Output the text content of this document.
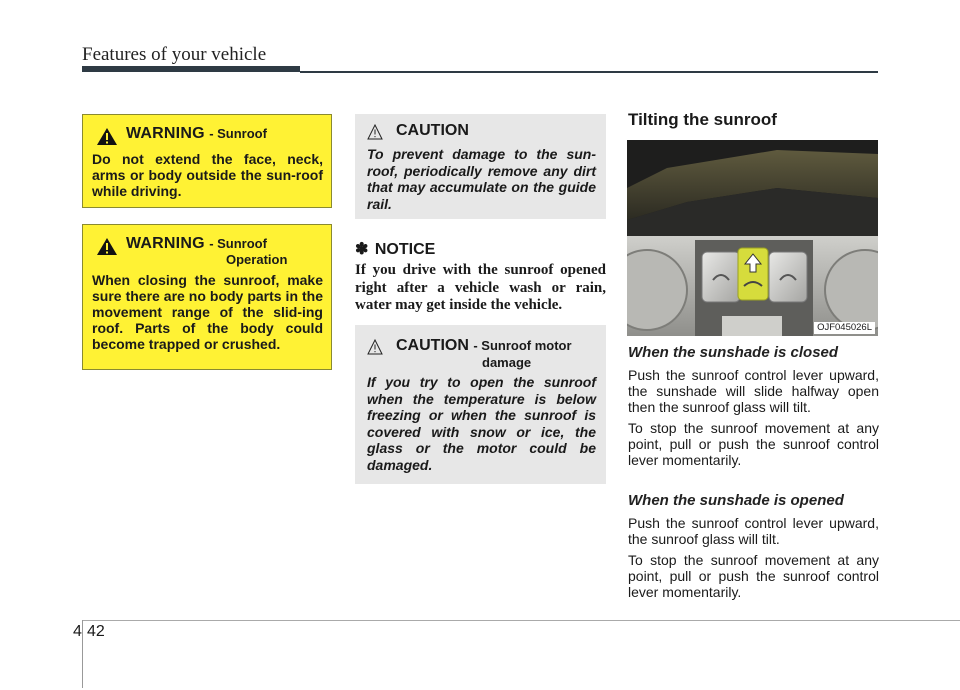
Features of your vehicle
WARNING - Sunroof
Do not extend the face, neck, arms or body outside the sun-roof while driving.
WARNING - Sunroof
Operation
When closing the sunroof, make sure there are no body parts in the movement range of the slid-ing roof. Parts of the body could become trapped or crushed.
CAUTION
To prevent damage to the sun-roof, periodically remove any dirt that may accumulate on the guide rail.
✽ NOTICE
If you drive with the sunroof opened right after a vehicle wash or rain, water may get inside the vehicle.
CAUTION - Sunroof motor
damage
If you try to open the sunroof when the temperature is below freezing or when the sunroof is covered with snow or ice, the glass or the motor could be damaged.
Tilting the sunroof
OJF045026L
When the sunshade is closed
Push the sunroof control lever upward, the sunshade will slide halfway open then the sunroof glass will tilt.
To stop the sunroof movement at any point, pull or push the sunroof control lever momentarily.
When the sunshade is opened
Push the sunroof control lever upward, the sunroof glass will tilt.
To stop the sunroof movement at any point, pull or push the sunroof control lever momentarily.
4 42
